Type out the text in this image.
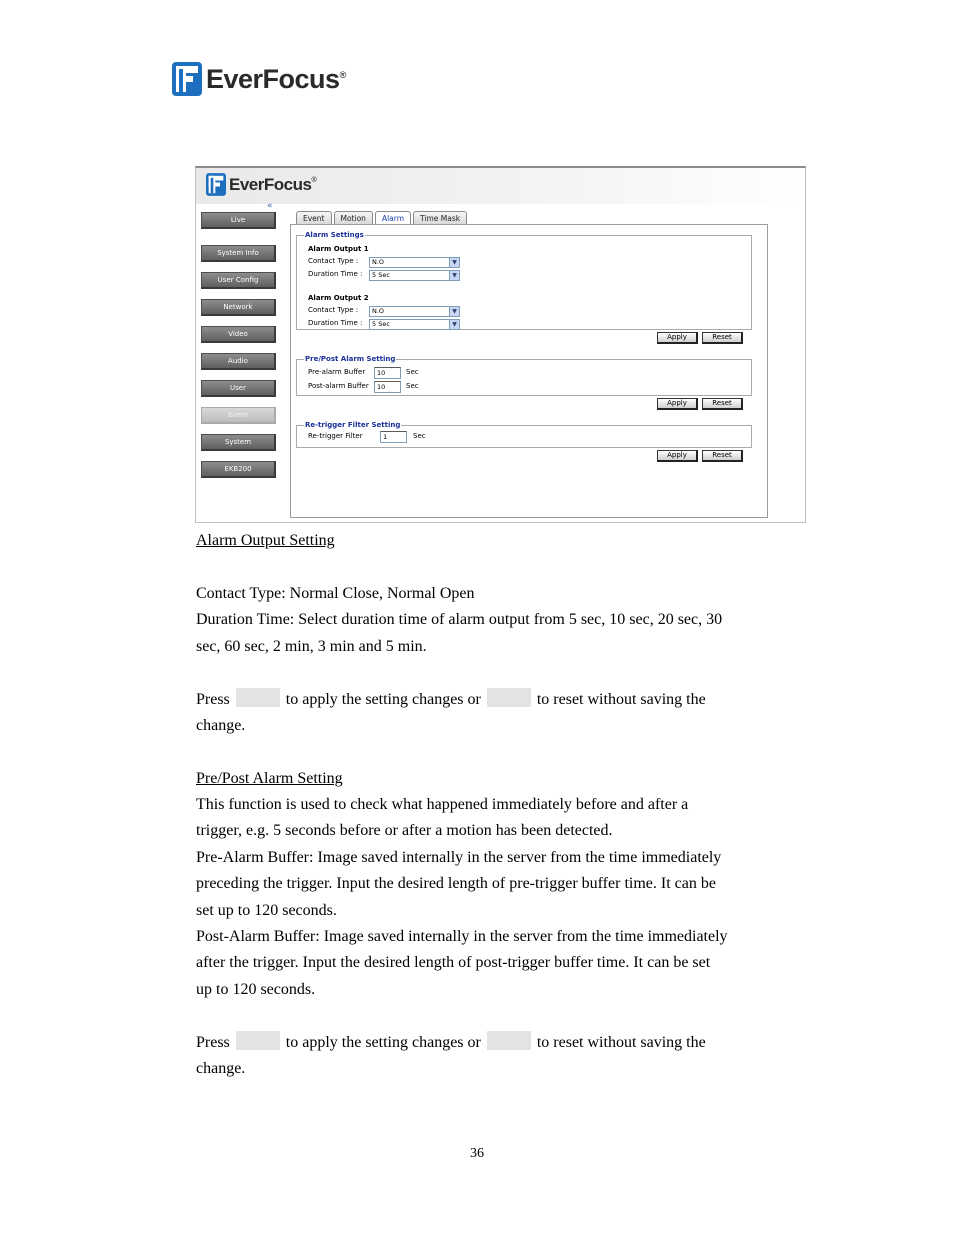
EverFocus ®
EverFocus ®
«
Live
System Info
User Config
Network
Video
Audio
User
Event
System
EKB200
Event	Motion	Alarm	Time Mask
Alarm Settings
Alarm Output 1
Contact Type :	N.O	▼
Duration Time :	5 Sec	▼
Alarm Output 2
Contact Type :	N.O	▼
Duration Time :	5 Sec	▼
Apply	Reset
Pre/Post Alarm Setting
Pre-alarm Buffer	10	Sec
Post-alarm Buffer	10	Sec
Apply	Reset
Re-trigger Filter Setting
Re-trigger Filter	1	Sec
Apply	Reset
Alarm Output Setting
Contact Type: Normal Close, Normal Open
Duration Time: Select duration time of alarm output from 5 sec, 10 sec, 20 sec, 30
sec, 60 sec, 2 min, 3 min and 5 min.
Press	to apply the setting changes or	to reset without saving the
change.
Pre/Post Alarm Setting
This function is used to check what happened immediately before and after a
trigger, e.g. 5 seconds before or after a motion has been detected.
Pre-Alarm Buffer: Image saved internally in the server from the time immediately
preceding the trigger. Input the desired length of pre-trigger buffer time. It can be
set up to 120 seconds.
Post-Alarm Buffer: Image saved internally in the server from the time immediately
after the trigger. Input the desired length of post-trigger buffer time. It can be set
up to 120 seconds.
Press	to apply the setting changes or	to reset without saving the
change.
36
